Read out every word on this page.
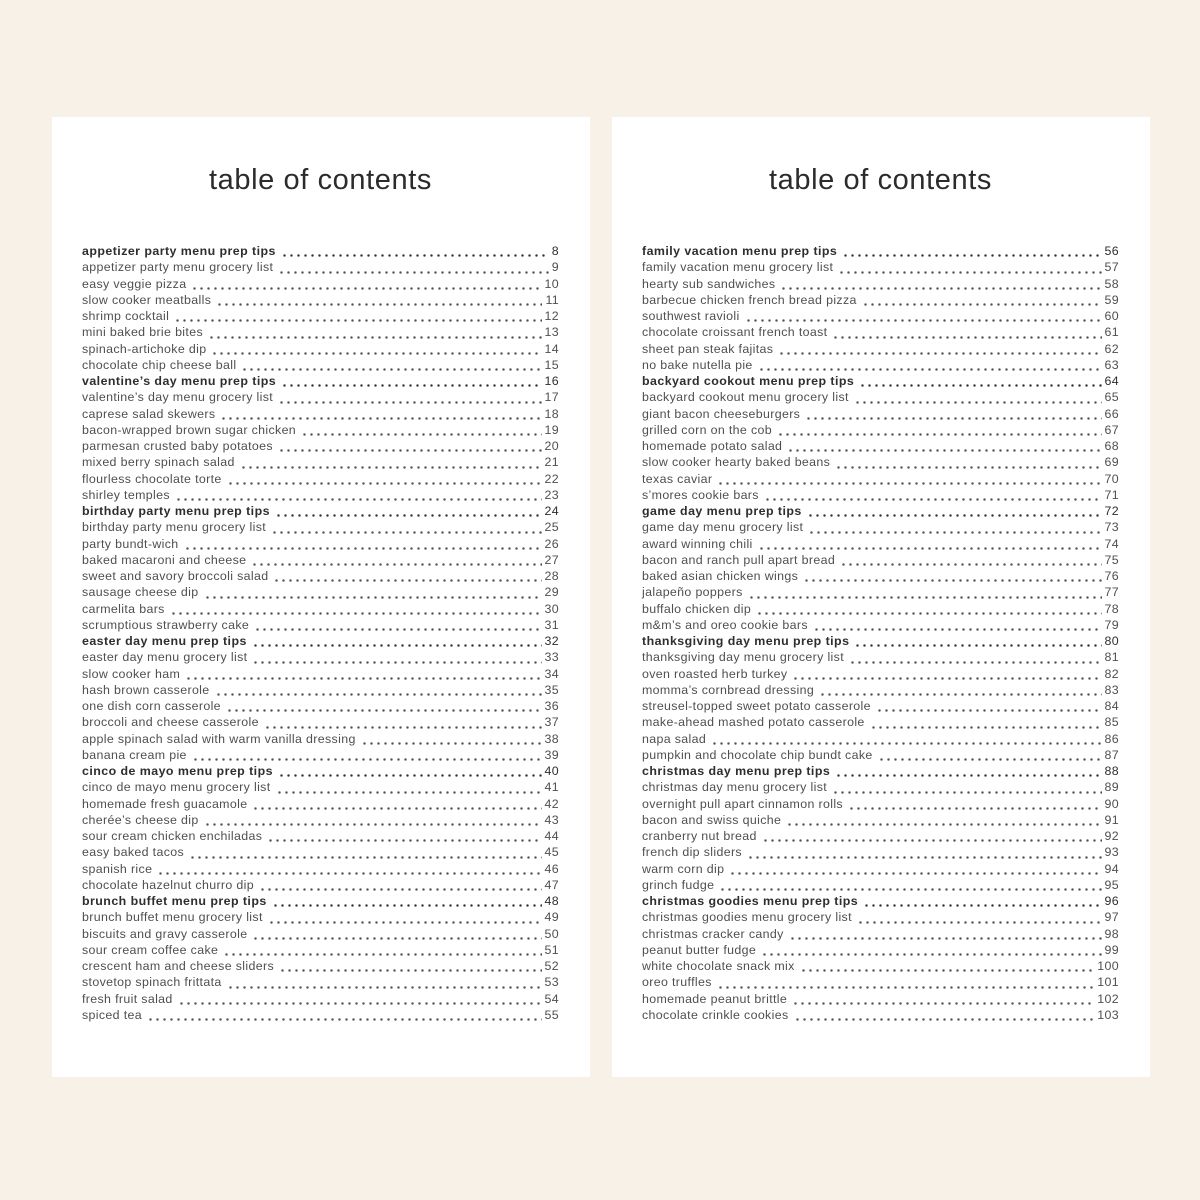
table of contents
appetizer party menu prep tips	8
appetizer party menu grocery list	9
easy veggie pizza	10
slow cooker meatballs	11
shrimp cocktail	12
mini baked brie bites	13
spinach-artichoke dip	14
chocolate chip cheese ball	15
valentine’s day menu prep tips	16
valentine’s day menu grocery list	17
caprese salad skewers	18
bacon-wrapped brown sugar chicken	19
parmesan crusted baby potatoes	20
mixed berry spinach salad	21
flourless chocolate torte	22
shirley temples	23
birthday party menu prep tips	24
birthday party menu grocery list	25
party bundt-wich	26
baked macaroni and cheese	27
sweet and savory broccoli salad	28
sausage cheese dip	29
carmelita bars	30
scrumptious strawberry cake	31
easter day menu prep tips	32
easter day menu grocery list	33
slow cooker ham	34
hash brown casserole	35
one dish corn casserole	36
broccoli and cheese casserole	37
apple spinach salad with warm vanilla dressing	38
banana cream pie	39
cinco de mayo menu prep tips	40
cinco de mayo menu grocery list	41
homemade fresh guacamole	42
cherée’s cheese dip	43
sour cream chicken enchiladas	44
easy baked tacos	45
spanish rice	46
chocolate hazelnut churro dip	47
brunch buffet menu prep tips	48
brunch buffet menu grocery list	49
biscuits and gravy casserole	50
sour cream coffee cake	51
crescent ham and cheese sliders	52
stovetop spinach frittata	53
fresh fruit salad	54
spiced tea	55
table of contents
family vacation menu prep tips	56
family vacation menu grocery list	57
hearty sub sandwiches	58
barbecue chicken french bread pizza	59
southwest ravioli	60
chocolate croissant french toast	61
sheet pan steak fajitas	62
no bake nutella pie	63
backyard cookout menu prep tips	64
backyard cookout menu grocery list	65
giant bacon cheeseburgers	66
grilled corn on the cob	67
homemade potato salad	68
slow cooker hearty baked beans	69
texas caviar	70
s’mores cookie bars	71
game day menu prep tips	72
game day menu grocery list	73
award winning chili	74
bacon and ranch pull apart bread	75
baked asian chicken wings	76
jalapeño poppers	77
buffalo chicken dip	78
m&m’s and oreo cookie bars	79
thanksgiving day menu prep tips	80
thanksgiving day menu grocery list	81
oven roasted herb turkey	82
momma’s cornbread dressing	83
streusel-topped sweet potato casserole	84
make-ahead mashed potato casserole	85
napa salad	86
pumpkin and chocolate chip bundt cake	87
christmas day menu prep tips	88
christmas day menu grocery list	89
overnight pull apart cinnamon rolls	90
bacon and swiss quiche	91
cranberry nut bread	92
french dip sliders	93
warm corn dip	94
grinch fudge	95
christmas goodies menu prep tips	96
christmas goodies menu grocery list	97
christmas cracker candy	98
peanut butter fudge	99
white chocolate snack mix	100
oreo truffles	101
homemade peanut brittle	102
chocolate crinkle cookies	103
